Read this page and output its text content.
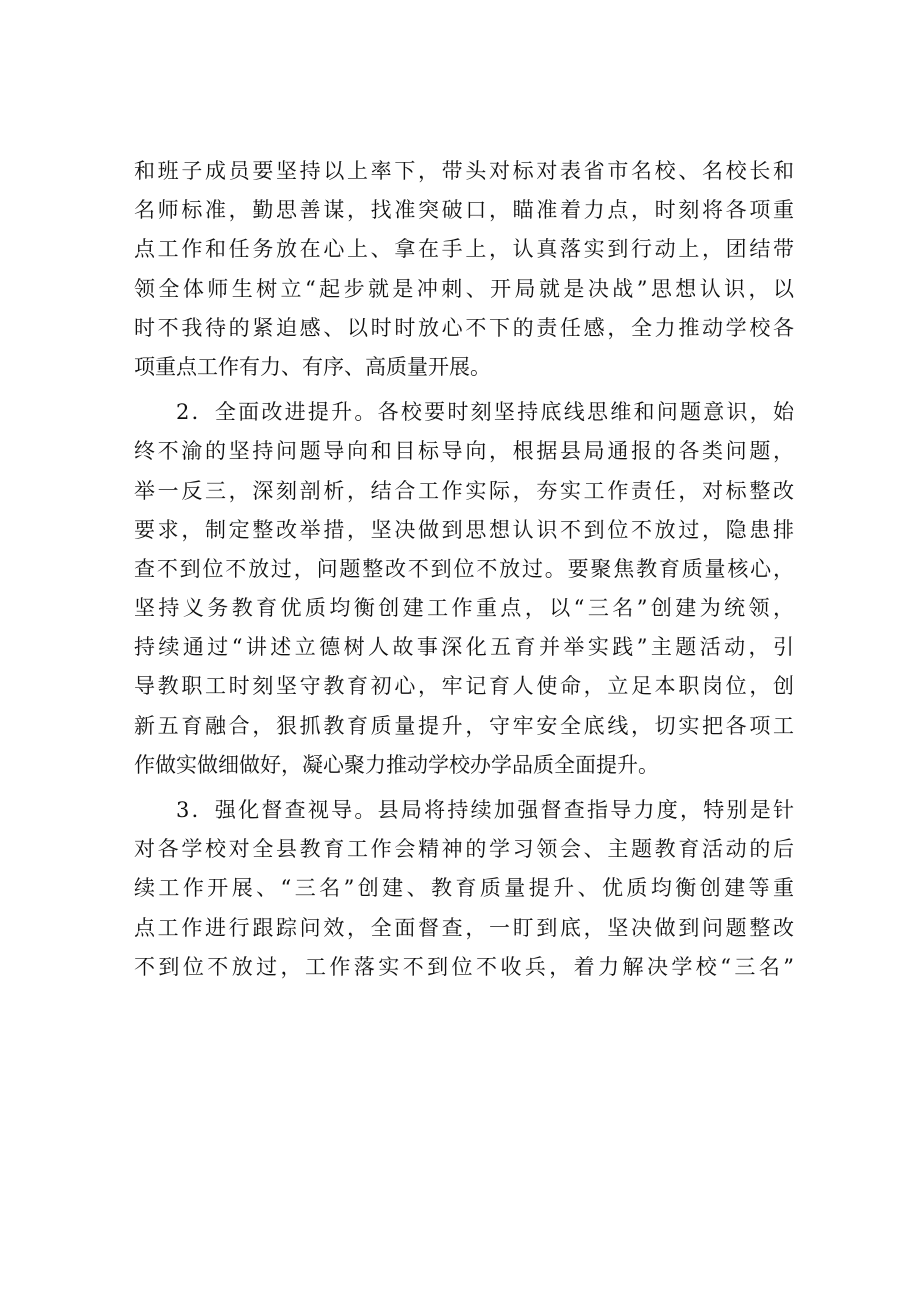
和班子成员要坚持以上率下，带头对标对表省市名校、名校长和
名师标准，勤思善谋，找准突破口，瞄准着力点，时刻将各项重
点工作和任务放在心上、拿在手上，认真落实到行动上，团结带
领全体师生树立“起步就是冲刺、开局就是决战”思想认识，以
时不我待的紧迫感、以时时放心不下的责任感，全力推动学校各
项重点工作有力、有序、高质量开展。
2．全面改进提升。各校要时刻坚持底线思维和问题意识，始
终不渝的坚持问题导向和目标导向，根据县局通报的各类问题，
举一反三，深刻剖析，结合工作实际，夯实工作责任，对标整改
要求，制定整改举措，坚决做到思想认识不到位不放过，隐患排
查不到位不放过，问题整改不到位不放过。要聚焦教育质量核心，
坚持义务教育优质均衡创建工作重点，以“三名”创建为统领，
持续通过“讲述立德树人故事深化五育并举实践”主题活动，引
导教职工时刻坚守教育初心，牢记育人使命，立足本职岗位，创
新五育融合，狠抓教育质量提升，守牢安全底线，切实把各项工
作做实做细做好，凝心聚力推动学校办学品质全面提升。
3．强化督查视导。县局将持续加强督查指导力度，特别是针
对各学校对全县教育工作会精神的学习领会、主题教育活动的后
续工作开展、“三名”创建、教育质量提升、优质均衡创建等重
点工作进行跟踪问效，全面督查，一盯到底，坚决做到问题整改
不到位不放过，工作落实不到位不收兵，着力解决学校“三名”
